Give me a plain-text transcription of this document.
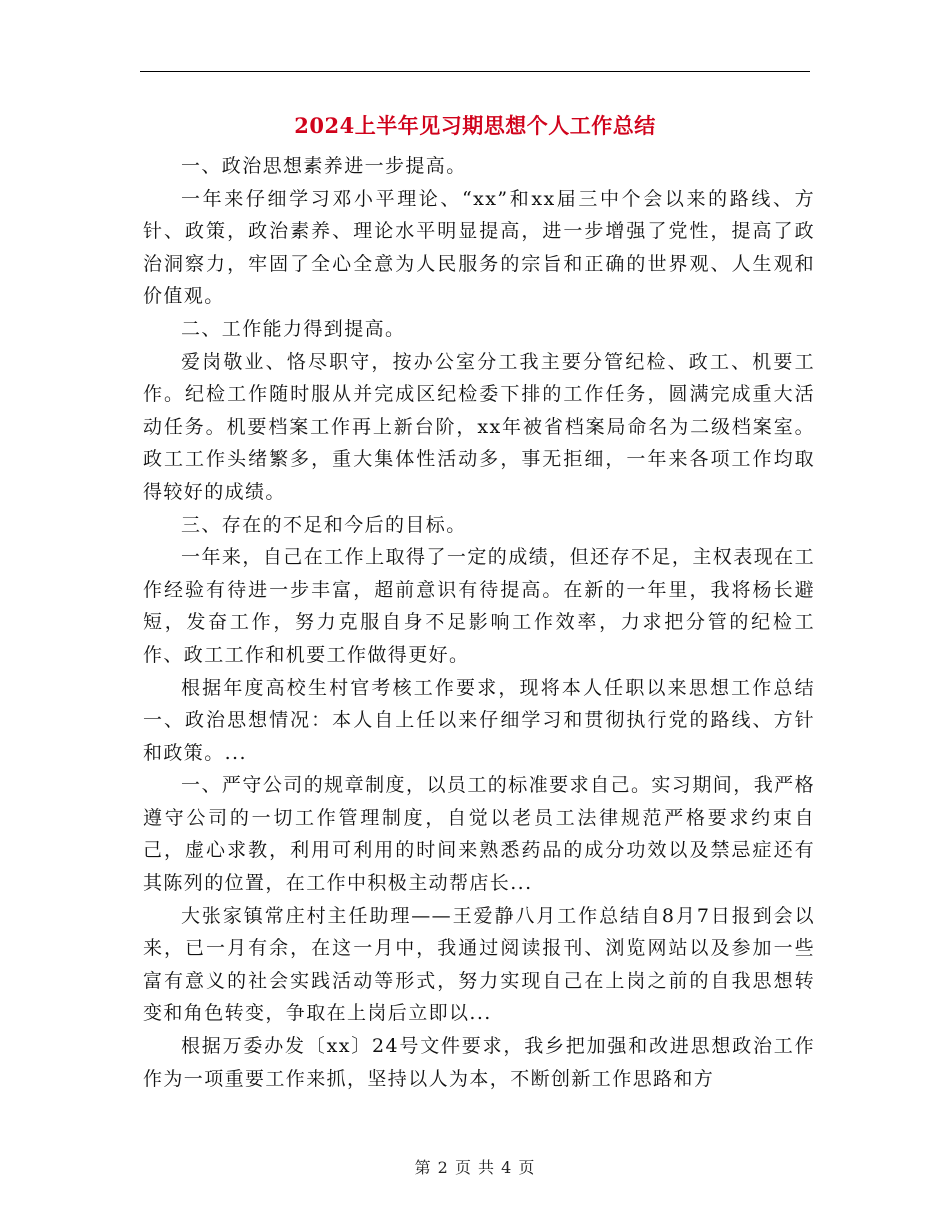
2024上半年见习期思想个人工作总结

一、政治思想素养进一步提高。

一年来仔细学习邓小平理论、“xx”和xx届三中个会以来的路线、方针、政策，政治素养、理论水平明显提高，进一步增强了党性，提高了政治洞察力，牢固了全心全意为人民服务的宗旨和正确的世界观、人生观和价值观。

二、工作能力得到提高。

爱岗敬业、恪尽职守，按办公室分工我主要分管纪检、政工、机要工作。纪检工作随时服从并完成区纪检委下排的工作任务，圆满完成重大活动任务。机要档案工作再上新台阶，xx年被省档案局命名为二级档案室。政工工作头绪繁多，重大集体性活动多，事无拒细，一年来各项工作均取得较好的成绩。

三、存在的不足和今后的目标。

一年来，自己在工作上取得了一定的成绩，但还存不足，主权表现在工作经验有待进一步丰富，超前意识有待提高。在新的一年里，我将杨长避短，发奋工作，努力克服自身不足影响工作效率，力求把分管的纪检工作、政工工作和机要工作做得更好。

根据年度高校生村官考核工作要求，现将本人任职以来思想工作总结一、政治思想情况：本人自上任以来仔细学习和贯彻执行党的路线、方针和政策。...

一、严守公司的规章制度，以员工的标准要求自己。实习期间，我严格遵守公司的一切工作管理制度，自觉以老员工法律规范严格要求约束自己，虚心求教，利用可利用的时间来熟悉药品的成分功效以及禁忌症还有其陈列的位置，在工作中积极主动帮店长...

大张家镇常庄村主任助理——王爱静八月工作总结自8月7日报到会以来，已一月有余，在这一月中，我通过阅读报刊、浏览网站以及参加一些富有意义的社会实践活动等形式，努力实现自己在上岗之前的自我思想转变和角色转变，争取在上岗后立即以...

根据万委办发〔xx〕24号文件要求，我乡把加强和改进思想政治工作作为一项重要工作来抓，坚持以人为本，不断创新工作思路和方

第 2 页 共 4 页
